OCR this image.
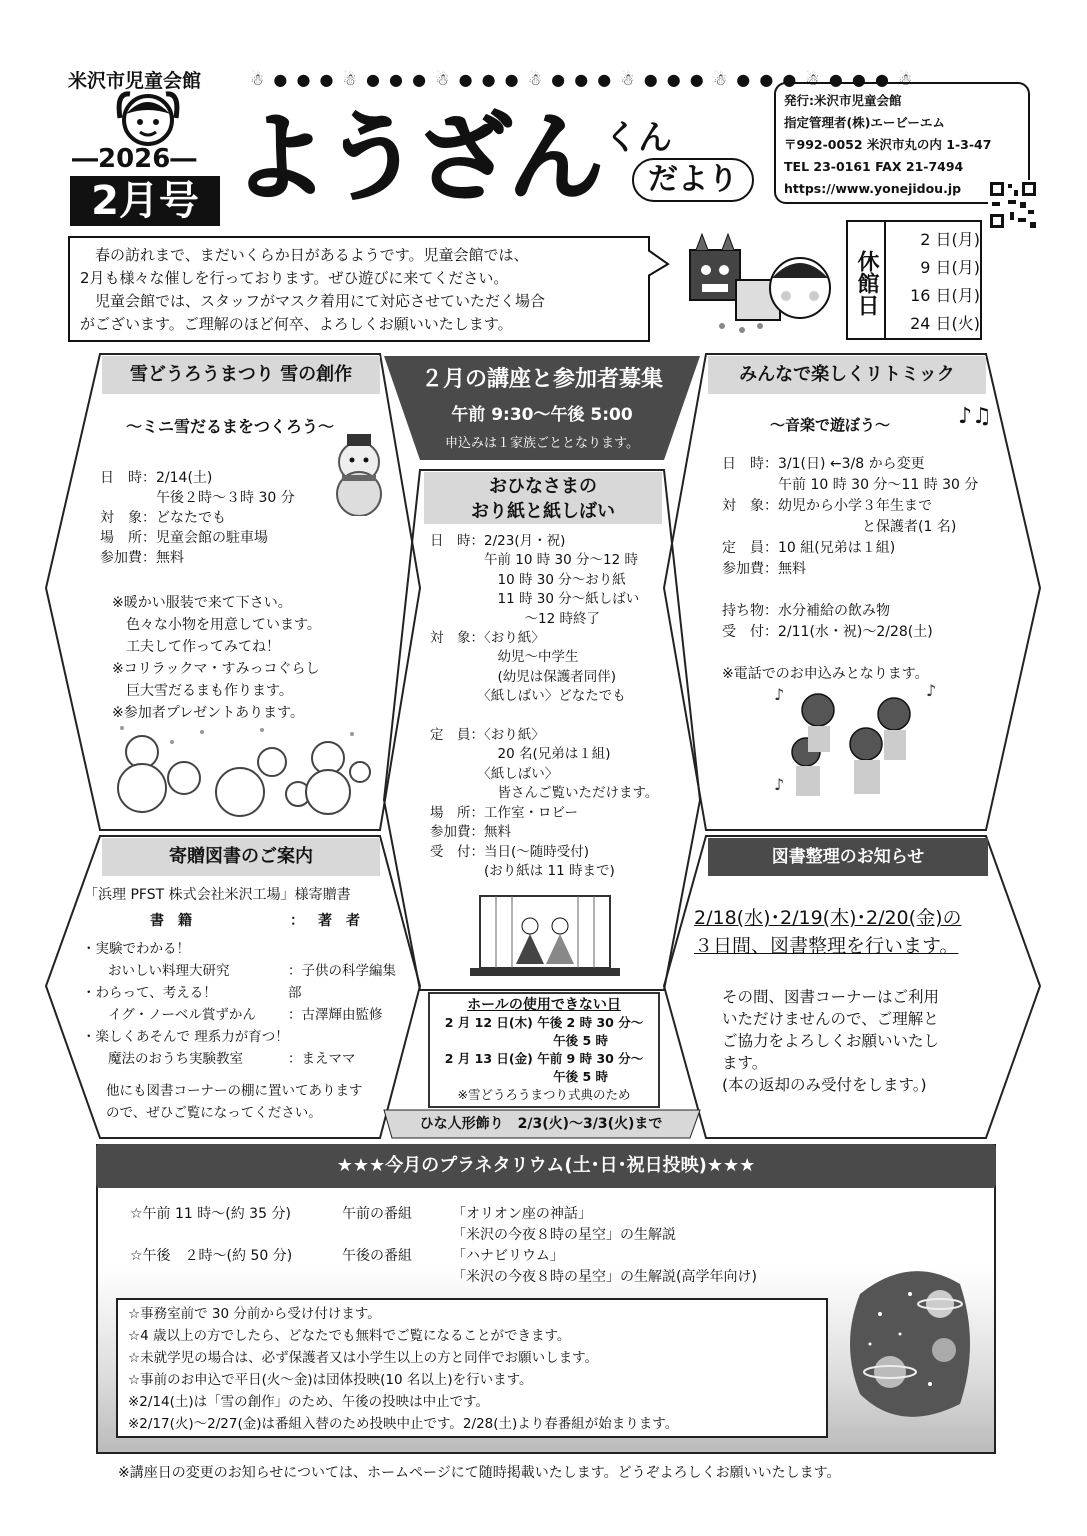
米沢市児童会館
―2026―
2月号
☃ ● ● ● ☃ ● ● ● ☃ ● ● ● ☃ ● ● ● ☃ ● ● ● ☃ ● ● ● ☃ ● ● ● ☃
ようざん くん
だより
発行:米沢市児童会館
指定管理者(株)エービーエム
〒992-0052 米沢市丸の内 1-3-47
TEL 23-0161 FAX 21-7494
https://www.yonejidou.jp
　春の訪れまで、まだいくらか日があるようです。児童会館では、
2月も様々な催しを行っております。ぜひ遊びに来てください。
　児童会館では、スタッフがマスク着用にて対応させていただく場合
がございます。ご理解のほど何卒、よろしくお願いいたします。
休館日
2 日(月)
9 日(月)
16 日(月)
24 日(火)
雪どうろうまつり 雪の創作
～ミニ雪だるまをつくろう～
日　時：2/14(土)
　　　　午後２時～３時 30 分
対　象：どなたでも
場　所：児童会館の駐車場
参加費：無料
※暖かい服装で来て下さい。
　色々な小物を用意しています。
　工夫して作ってみてね！
※コリラックマ・すみっコぐらし
　巨大雪だるまも作ります。
※参加者プレゼントあります。
２月の講座と参加者募集
午前 9:30～午後 5:00
申込みは１家族ごととなります。
おひなさまの
おり紙と紙しばい
日　時：2/23(月・祝)
　　　　午前 10 時 30 分～12 時
　　　　　10 時 30 分～おり紙
　　　　　11 時 30 分～紙しばい
　　　　　　　～12 時終了
対　象：〈おり紙〉
　　　　　幼児～中学生
　　　　　(幼児は保護者同伴)
　　　　〈紙しばい〉どなたでも

定　員：〈おり紙〉
　　　　　20 名(兄弟は１組)
　　　　〈紙しばい〉
　　　　　皆さんご覧いただけます。
場　所：工作室・ロビー
参加費：無料
受　付：当日(～随時受付)
　　　　(おり紙は 11 時まで)
ホールの使用できない日
2 月 12 日(木) 午後 2 時 30 分～
午後 5 時
2 月 13 日(金) 午前 9 時 30 分～
午後 5 時
※雪どうろうまつり式典のため
ひな人形飾り　2/3(火)～3/3(火)まで
みんなで楽しくリトミック
～音楽で遊ぼう～	♪♫
日　時：3/1(日) ←3/8 から変更
　　　　午前 10 時 30 分～11 時 30 分
対　象：幼児から小学３年生まで
　　　　　　　　　　と保護者(1 名)
定　員：10 組(兄弟は１組)
参加費：無料

持ち物：水分補給の飲み物
受　付：2/11(水・祝)～2/28(土)

※電話でのお申込みとなります。
♪	♪
♪
寄贈図書のご案内
「浜理 PFST 株式会社米沢工場」様寄贈書
書　籍	： 著　者
・実験でわかる！
おいしい料理大研究	：子供の科学編集部
・わらって、考える！
イグ・ノーベル賞ずかん ：古澤輝由監修
・楽しくあそんで 理系力が育つ！
魔法のおうち実験教室	：まえママ
他にも図書コーナーの棚に置いてあります
ので、ぜひご覧になってください。
図書整理のお知らせ
2/18(水)･2/19(木)･2/20(金)の
３日間、図書整理を行います。
その間、図書コーナーはご利用
いただけませんので、ご理解と
ご協力をよろしくお願いいたし
ます。
(本の返却のみ受付をします。)
★★★今月のプラネタリウム(土･日･祝日投映)★★★
☆午前 11 時～(約 35 分)	午前の番組	「オリオン座の神話」
「米沢の今夜８時の星空」の生解説
☆午後　２時～(約 50 分)	午後の番組	「ハナビリウム」
「米沢の今夜８時の星空」の生解説(高学年向け)
☆事務室前で 30 分前から受け付けます。
☆4 歳以上の方でしたら、どなたでも無料でご覧になることができます。
☆未就学児の場合は、必ず保護者又は小学生以上の方と同伴でお願いします。
☆事前のお申込で平日(火～金)は団体投映(10 名以上)を行います。
※2/14(土)は「雪の創作」のため、午後の投映は中止です。
※2/17(火)～2/27(金)は番組入替のため投映中止です。2/28(土)より春番組が始まります。
※講座日の変更のお知らせについては、ホームページにて随時掲載いたします。どうぞよろしくお願いいたします。
